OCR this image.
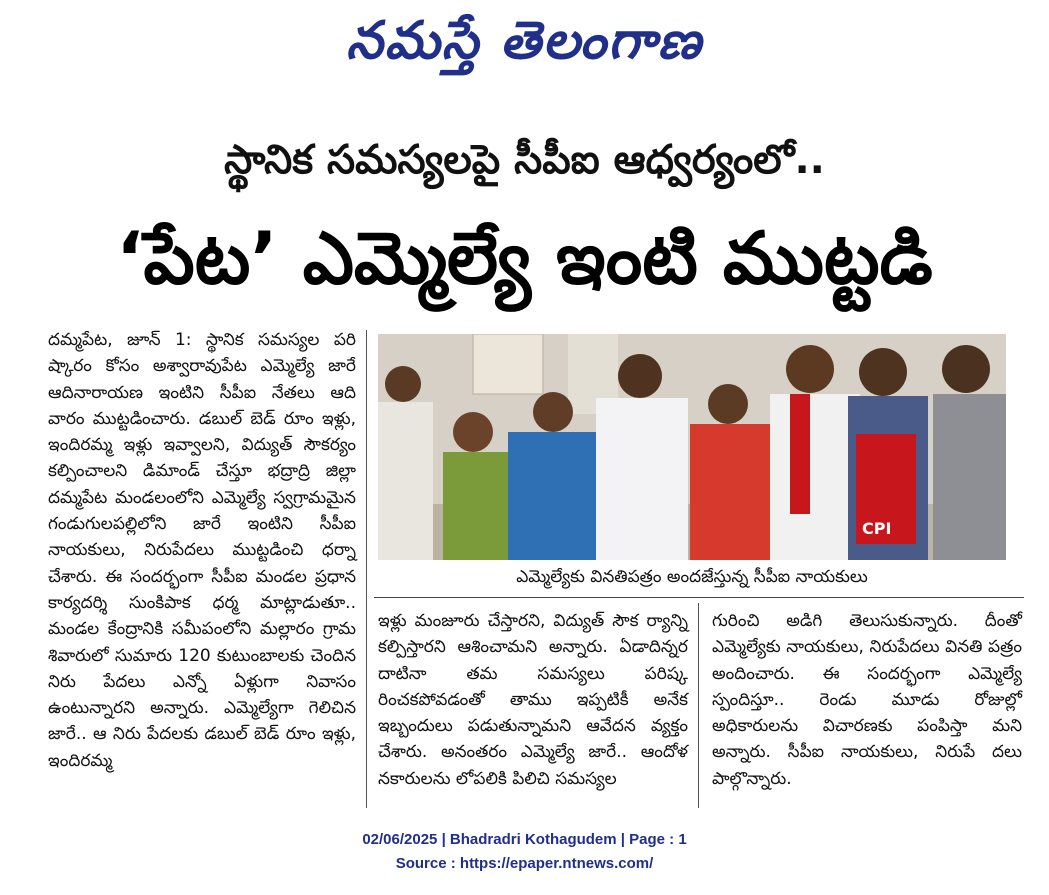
నమస్తే తెలంగాణ
స్థానిక సమస్యలపై సీపీఐ ఆధ్వర్యంలో..
‘పేట’ ఎమ్మెల్యే ఇంటి ముట్టడి
దమ్మపేట, జూన్ 1: స్థానిక సమస్యల పరి ష్కారం కోసం అశ్వారావుపేట ఎమ్మెల్యే జారే ఆదినారాయణ ఇంటిని సీపీఐ నేతలు ఆది వారం ముట్టడించారు. డబుల్ బెడ్ రూం ఇళ్లు, ఇందిరమ్మ ఇళ్లు ఇవ్వాలని, విద్యుత్ సౌకర్యం కల్పించాలని డిమాండ్ చేస్తూ భద్రాద్రి జిల్లా దమ్మపేట మండలంలోని ఎమ్మెల్యే స్వగ్రామమైన గండుగులపల్లిలోని జారే ఇంటిని సీపీఐ నాయకులు, నిరుపేదలు ముట్టడించి ధర్నా చేశారు. ఈ సందర్భంగా సీపీఐ మండల ప్రధాన కార్యదర్శి సుంకిపాక ధర్మ మాట్లాడుతూ.. మండల కేంద్రానికి సమీపంలోని మల్లారం గ్రామ శివారులో సుమారు 120 కుటుంబాలకు చెందిన నిరు పేదలు ఎన్నో ఏళ్లుగా నివాసం ఉంటున్నారని అన్నారు. ఎమ్మెల్యేగా గెలిచిన జారే.. ఆ నిరు పేదలకు డబుల్ బెడ్ రూం ఇళ్లు, ఇందిరమ్మ
CPI
ఎమ్మెల్యేకు వినతిపత్రం అందజేస్తున్న సీపీఐ నాయకులు
ఇళ్లు మంజూరు చేస్తారని, విద్యుత్ సౌక ర్యాన్ని కల్పిస్తారని ఆశించామని అన్నారు. ఏడాదిన్నర దాటినా తమ సమస్యలు పరిష్క రించకపోవడంతో తాము ఇప్పటికీ అనేక ఇబ్బందులు పడుతున్నామని ఆవేదన వ్యక్తం చేశారు. అనంతరం ఎమ్మెల్యే జారే.. ఆందోళ నకారులను లోపలికి పిలిచి సమస్యల
గురించి అడిగి తెలుసుకున్నారు. దీంతో ఎమ్మెల్యేకు నాయకులు, నిరుపేదలు వినతి పత్రం అందించారు. ఈ సందర్భంగా ఎమ్మెల్యే స్పందిస్తూ.. రెండు మూడు రోజుల్లో అధికారులను విచారణకు పంపిస్తా మని అన్నారు. సీపీఐ నాయకులు, నిరుపే దలు పాల్గొన్నారు.
02/06/2025 | Bhadradri Kothagudem | Page : 1
Source : https://epaper.ntnews.com/
